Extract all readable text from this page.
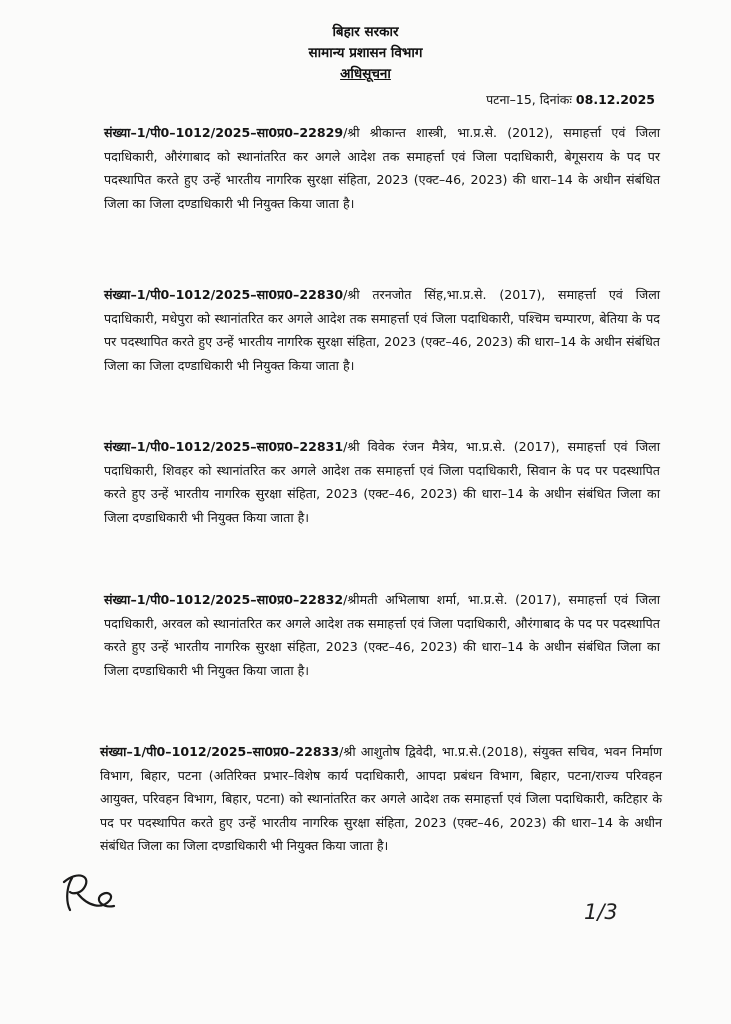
बिहार सरकार
सामान्य प्रशासन विभाग
अधिसूचना
पटना–15, दिनांकः 08.12.2025
संख्या–1/पी0–1012/2025–सा0प्र0–22829/श्री श्रीकान्त शास्त्री, भा.प्र.से. (2012), समाहर्त्ता एवं जिला पदाधिकारी, औरंगाबाद को स्थानांतरित कर अगले आदेश तक समाहर्त्ता एवं जिला पदाधिकारी, बेगूसराय के पद पर पदस्थापित करते हुए उन्हें भारतीय नागरिक सुरक्षा संहिता, 2023 (एक्ट–46, 2023) की धारा–14 के अधीन संबंधित जिला का जिला दण्डाधिकारी भी नियुक्त किया जाता है।
संख्या–1/पी0–1012/2025–सा0प्र0–22830/श्री तरनजोत सिंह,भा.प्र.से. (2017), समाहर्त्ता एवं जिला पदाधिकारी, मधेपुरा को स्थानांतरित कर अगले आदेश तक समाहर्त्ता एवं जिला पदाधिकारी, पश्चिम चम्पारण, बेतिया के पद पर पदस्थापित करते हुए उन्हें भारतीय नागरिक सुरक्षा संहिता, 2023 (एक्ट–46, 2023) की धारा–14 के अधीन संबंधित जिला का जिला दण्डाधिकारी भी नियुक्त किया जाता है।
संख्या–1/पी0–1012/2025–सा0प्र0–22831/श्री विवेक रंजन मैत्रेय, भा.प्र.से. (2017), समाहर्त्ता एवं जिला पदाधिकारी, शिवहर को स्थानांतरित कर अगले आदेश तक समाहर्त्ता एवं जिला पदाधिकारी, सिवान के पद पर पदस्थापित करते हुए उन्हें भारतीय नागरिक सुरक्षा संहिता, 2023 (एक्ट–46, 2023) की धारा–14 के अधीन संबंधित जिला का जिला दण्डाधिकारी भी नियुक्त किया जाता है।
संख्या–1/पी0–1012/2025–सा0प्र0–22832/श्रीमती अभिलाषा शर्मा, भा.प्र.से. (2017), समाहर्त्ता एवं जिला पदाधिकारी, अरवल को स्थानांतरित कर अगले आदेश तक समाहर्त्ता एवं जिला पदाधिकारी, औरंगाबाद के पद पर पदस्थापित करते हुए उन्हें भारतीय नागरिक सुरक्षा संहिता, 2023 (एक्ट–46, 2023) की धारा–14 के अधीन संबंधित जिला का जिला दण्डाधिकारी भी नियुक्त किया जाता है।
संख्या–1/पी0–1012/2025–सा0प्र0–22833/श्री आशुतोष द्विवेदी, भा.प्र.से.(2018), संयुक्त सचिव, भवन निर्माण विभाग, बिहार, पटना (अतिरिक्त प्रभार–विशेष कार्य पदाधिकारी, आपदा प्रबंधन विभाग, बिहार, पटना/राज्य परिवहन आयुक्त, परिवहन विभाग, बिहार, पटना) को स्थानांतरित कर अगले आदेश तक समाहर्त्ता एवं जिला पदाधिकारी, कटिहार के पद पर पदस्थापित करते हुए उन्हें भारतीय नागरिक सुरक्षा संहिता, 2023 (एक्ट–46, 2023) की धारा–14 के अधीन संबंधित जिला का जिला दण्डाधिकारी भी नियुक्त किया जाता है।
1/3
